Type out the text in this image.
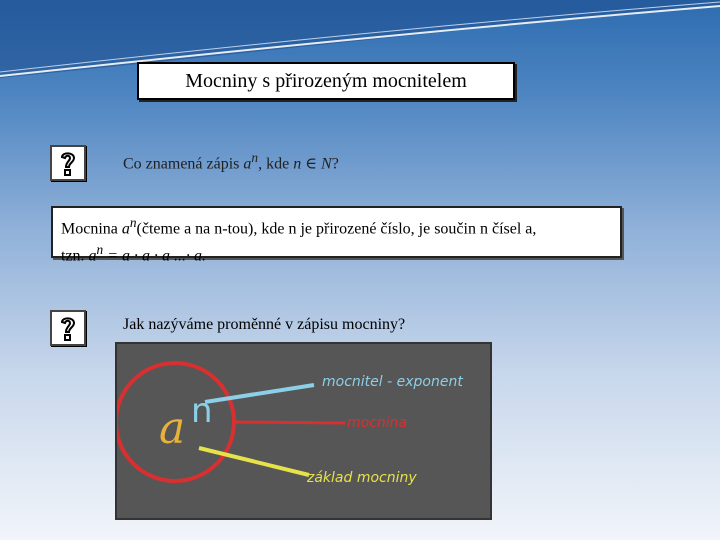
Mocniny s přirozeným mocnitelem
Co znamená zápis $a^n$, kde n ∈ N?
Mocnina $a^n(čteme$ a na n-tou), kde n je přirozené číslo, je součin n čísel a,
tzn. $a^n = a \cdot a \cdot a$ ...· a.
Jak nazýváme proměnné v zápisu mocniny?
a n
mocnitel - exponent
mocnina
základ mocniny
